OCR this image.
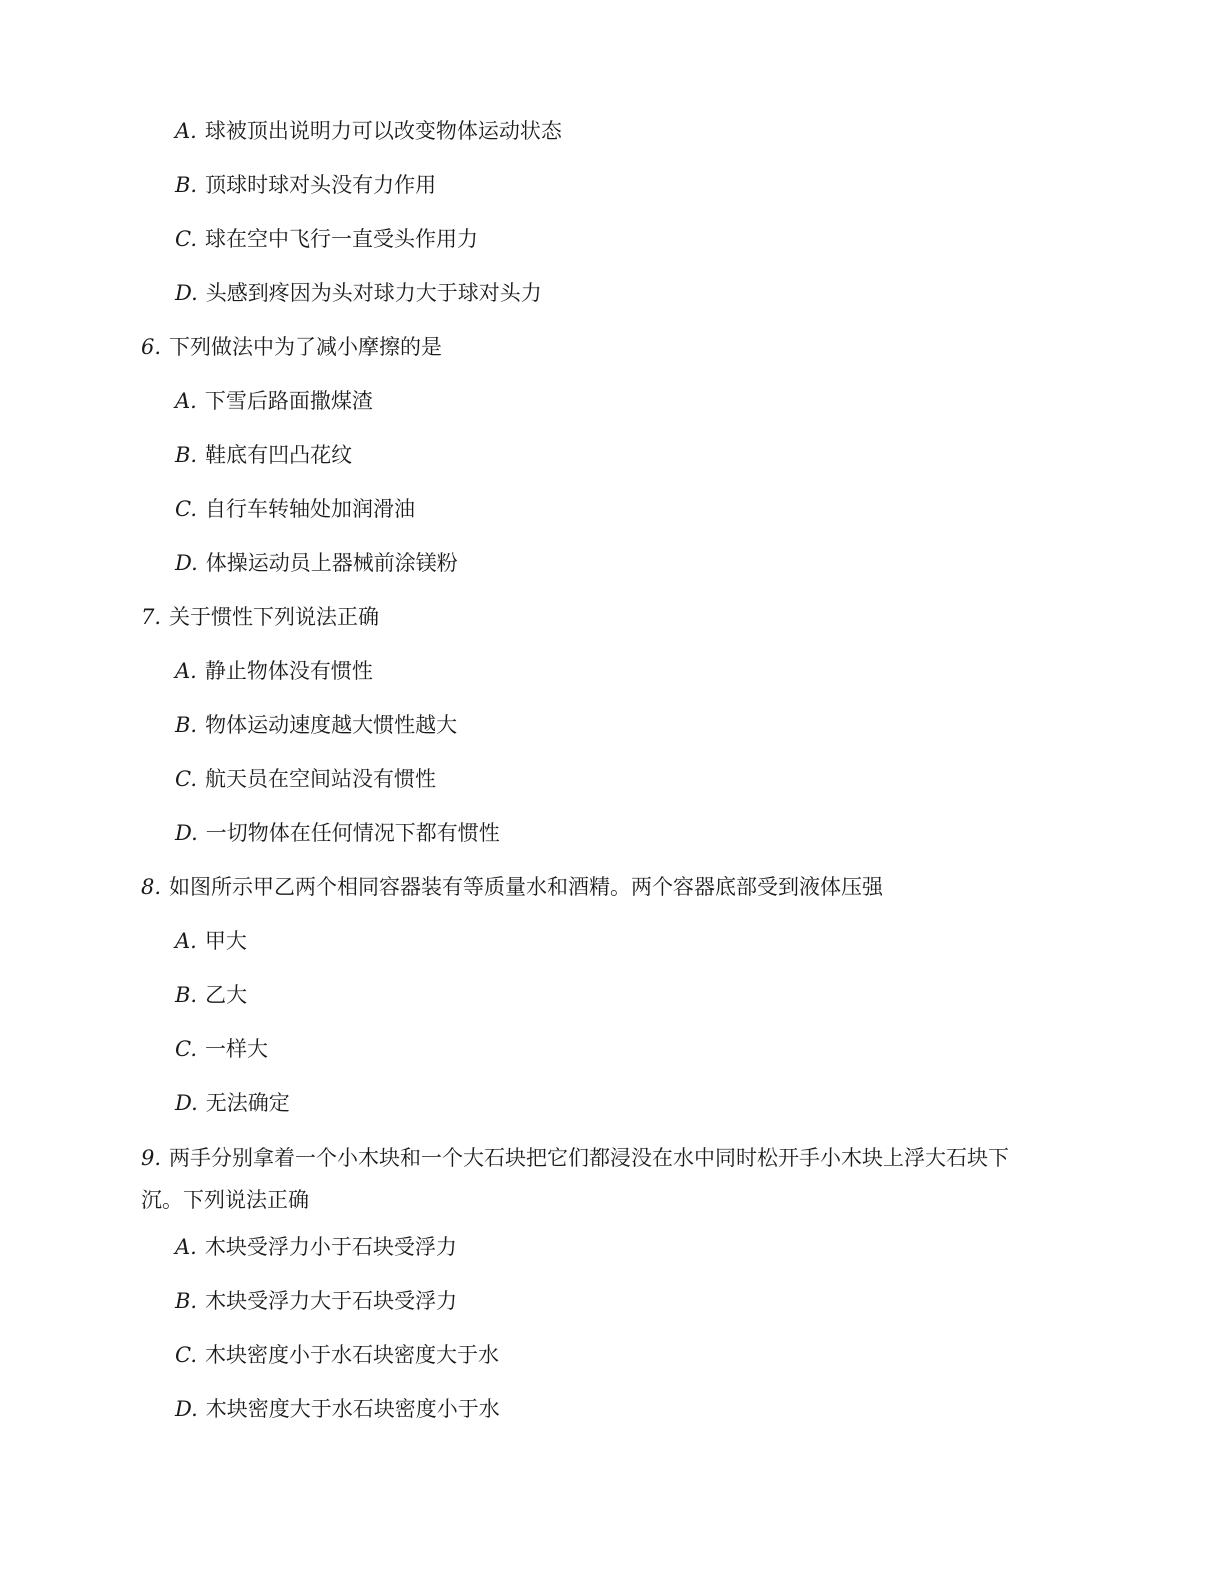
A. 球被顶出说明力可以改变物体运动状态
B. 顶球时球对头没有力作用
C. 球在空中飞行一直受头作用力
D. 头感到疼因为头对球力大于球对头力
6. 下列做法中为了减小摩擦的是
A. 下雪后路面撒煤渣
B. 鞋底有凹凸花纹
C. 自行车转轴处加润滑油
D. 体操运动员上器械前涂镁粉
7. 关于惯性下列说法正确
A. 静止物体没有惯性
B. 物体运动速度越大惯性越大
C. 航天员在空间站没有惯性
D. 一切物体在任何情况下都有惯性
8. 如图所示甲乙两个相同容器装有等质量水和酒精。两个容器底部受到液体压强
A. 甲大
B. 乙大
C. 一样大
D. 无法确定
9. 两手分别拿着一个小木块和一个大石块把它们都浸没在水中同时松开手小木块上浮大石块下
沉。下列说法正确
A. 木块受浮力小于石块受浮力
B. 木块受浮力大于石块受浮力
C. 木块密度小于水石块密度大于水
D. 木块密度大于水石块密度小于水
